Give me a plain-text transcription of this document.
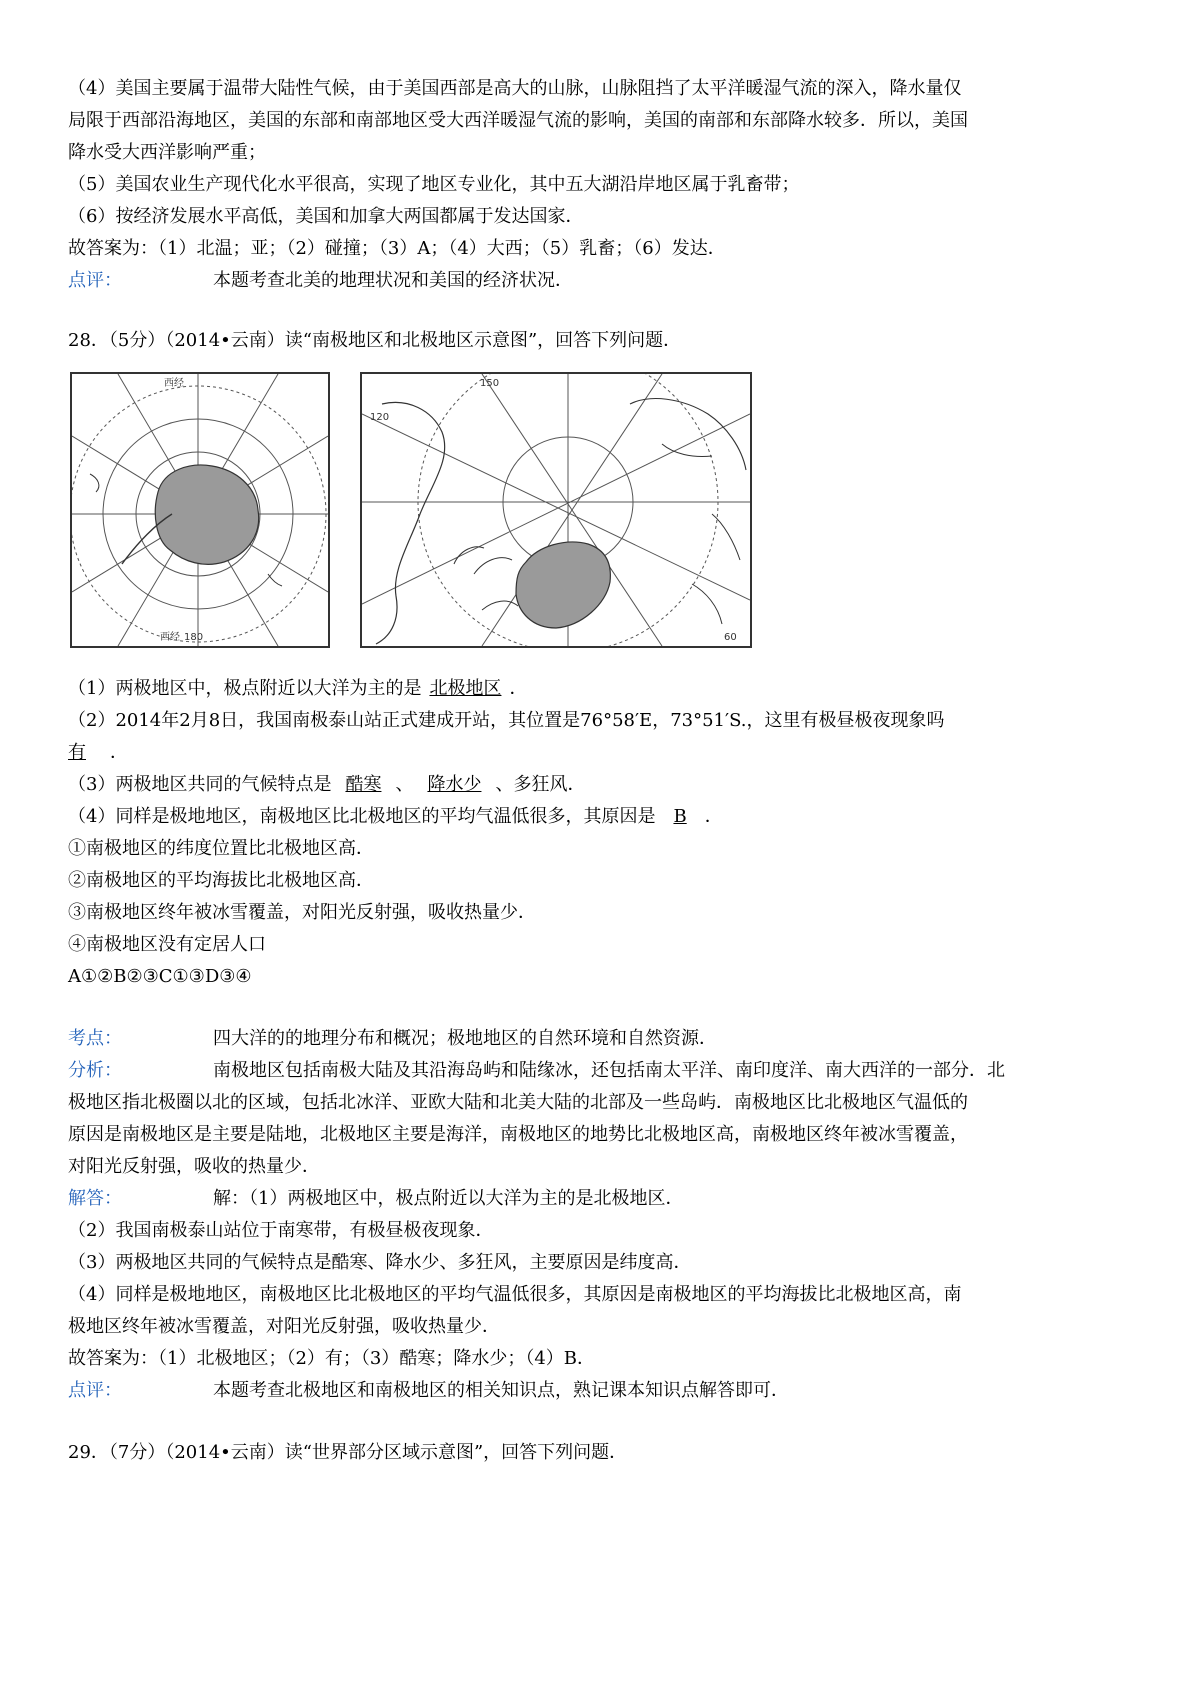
（4）美国主要属于温带大陆性气候，由于美国西部是高大的山脉，山脉阻挡了太平洋暖湿气流的深入，降水量仅
局限于西部沿海地区，美国的东部和南部地区受大西洋暖湿气流的影响，美国的南部和东部降水较多．所以，美国
降水受大西洋影响严重；
（5）美国农业生产现代化水平很高，实现了地区专业化，其中五大湖沿岸地区属于乳畜带；
（6）按经济发展水平高低，美国和加拿大两国都属于发达国家．
故答案为：（1）北温；亚；（2）碰撞；（3）A；（4）大西；（5）乳畜；（6）发达．
点评：	本题考查北美的地理状况和美国的经济状况．
28．（5分）（2014•云南）读“南极地区和北极地区示意图”，回答下列问题．
西经
西经 180
150
120
60
（1）两极地区中，极点附近以大洋为主的是 北极地区 ．
（2）2014年2月8日，我国南极泰山站正式建成开站，其位置是76°58′E，73°51′S.，这里有极昼极夜现象吗
有 ．
（3）两极地区共同的气候特点是 酷寒 、 降水少 、多狂风．
（4）同样是极地地区，南极地区比北极地区的平均气温低很多，其原因是 B ．
①南极地区的纬度位置比北极地区高．
②南极地区的平均海拔比北极地区高．
③南极地区终年被冰雪覆盖，对阳光反射强，吸收热量少．
④南极地区没有定居人口
A①②B②③C①③D③④
考点：	四大洋的的地理分布和概况；极地地区的自然环境和自然资源．
分析：	南极地区包括南极大陆及其沿海岛屿和陆缘冰，还包括南太平洋、南印度洋、南大西洋的一部分．北
极地区指北极圈以北的区域，包括北冰洋、亚欧大陆和北美大陆的北部及一些岛屿．南极地区比北极地区气温低的
原因是南极地区是主要是陆地，北极地区主要是海洋，南极地区的地势比北极地区高，南极地区终年被冰雪覆盖，
对阳光反射强，吸收的热量少．
解答：	解：（1）两极地区中，极点附近以大洋为主的是北极地区．
（2）我国南极泰山站位于南寒带，有极昼极夜现象．
（3）两极地区共同的气候特点是酷寒、降水少、多狂风，主要原因是纬度高．
（4）同样是极地地区，南极地区比北极地区的平均气温低很多，其原因是南极地区的平均海拔比北极地区高，南
极地区终年被冰雪覆盖，对阳光反射强，吸收热量少．
故答案为：（1）北极地区；（2）有；（3）酷寒；降水少；（4）B．
点评：	本题考查北极地区和南极地区的相关知识点，熟记课本知识点解答即可．
29．（7分）（2014•云南）读“世界部分区域示意图”，回答下列问题．
